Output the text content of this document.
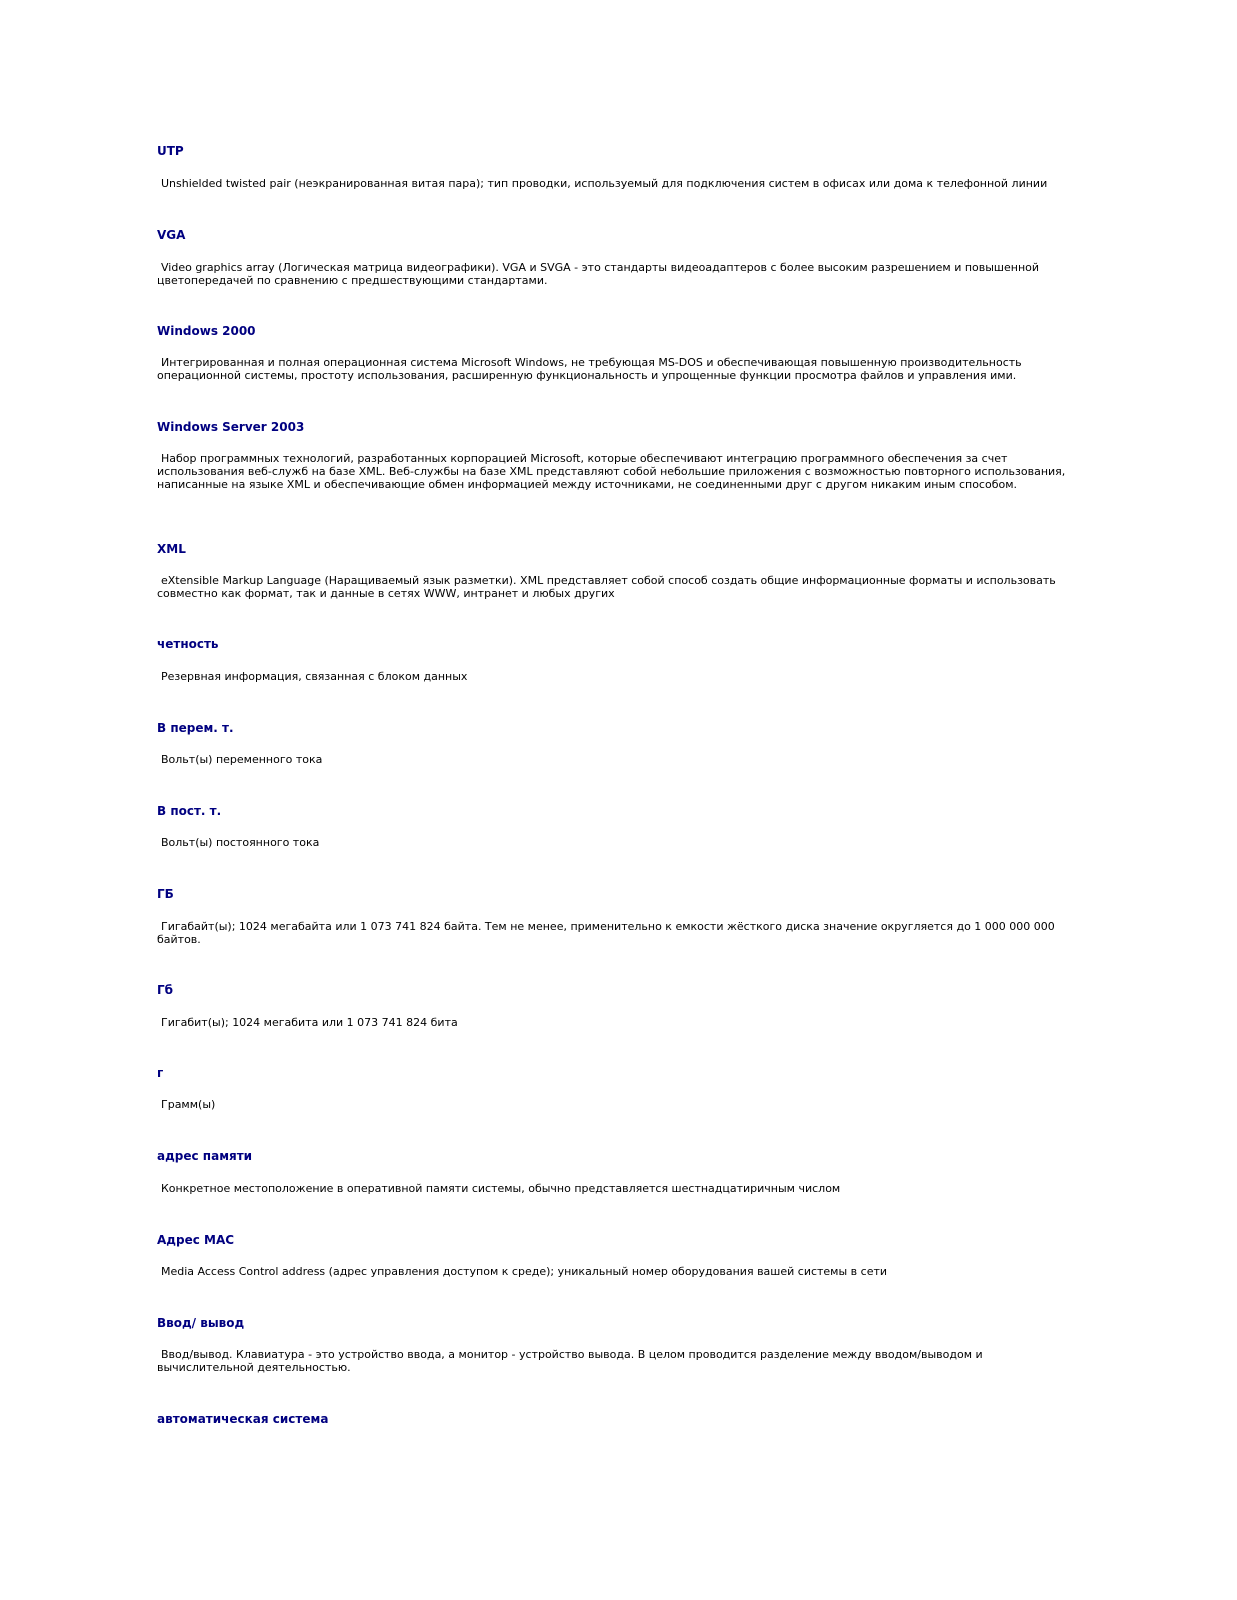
UTP

Unshielded twisted pair (неэкранированная витая пара); тип проводки, используемый для подключения систем в офисах или дома к телефонной линии

VGA

Video graphics array (Логическая матрица видеографики). VGA и SVGA - это стандарты видеоадаптеров с более высоким разрешением и повышенной цветопередачей по сравнению с предшествующими стандартами.

Windows 2000

Интегрированная и полная операционная система Microsoft Windows, не требующая MS-DOS и обеспечивающая повышенную производительность операционной системы, простоту использования, расширенную функциональность и упрощенные функции просмотра файлов и управления ими.

Windows Server 2003

Набор программных технологий, разработанных корпорацией Microsoft, которые обеспечивают интеграцию программного обеспечения за счет использования веб-служб на базе XML. Веб-службы на базе XML представляют собой небольшие приложения с возможностью повторного использования, написанные на языке XML и обеспечивающие обмен информацией между источниками, не соединенными друг с другом никаким иным способом.

XML

eXtensible Markup Language (Наращиваемый язык разметки). XML представляет собой способ создать общие информационные форматы и использовать совместно как формат, так и данные в сетях WWW, интранет и любых других

четность

Резервная информация, связанная с блоком данных

В перем. т.

Вольт(ы) переменного тока

В пост. т.

Вольт(ы) постоянного тока

ГБ

Гигабайт(ы); 1024 мегабайта или 1 073 741 824 байта. Тем не менее, применительно к емкости жёсткого диска значение округляется до 1 000 000 000 байтов.

Гб

Гигабит(ы); 1024 мегабита или 1 073 741 824 бита

г

Грамм(ы)

адрес памяти

Конкретное местоположение в оперативной памяти системы, обычно представляется шестнадцатиричным числом

Адрес MAC

Media Access Control address (адрес управления доступом к среде); уникальный номер оборудования вашей системы в сети

Ввод/ вывод

Ввод/вывод. Клавиатура - это устройство ввода, а монитор - устройство вывода. В целом проводится разделение между вводом/выводом и вычислительной деятельностью.

автоматическая система
